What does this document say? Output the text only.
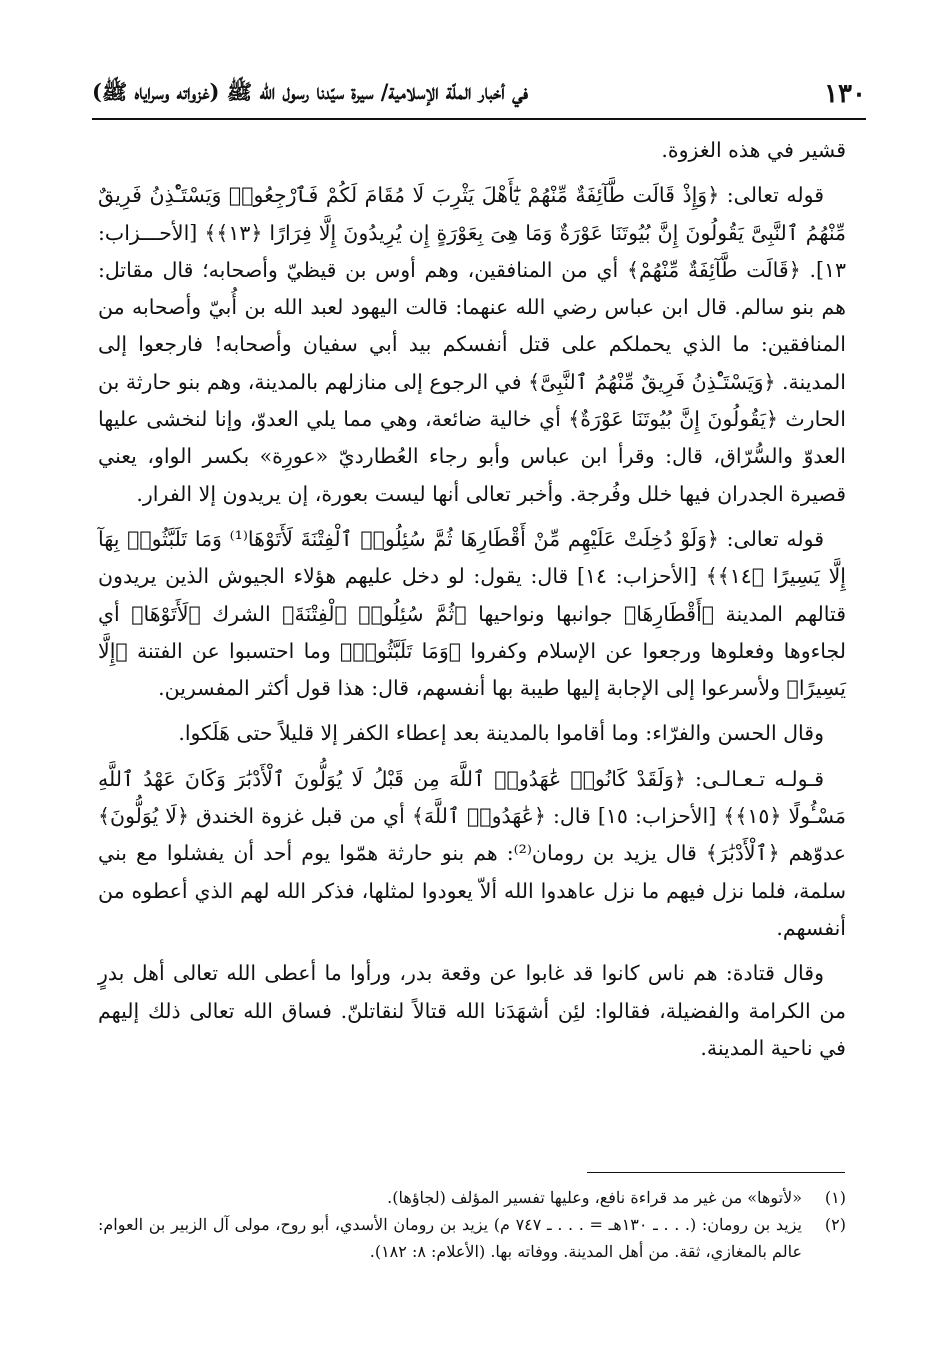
١٣٠
في أخبار الملّة الإسلامية/ سيرة سيّدنا رسول الله ﷺ (غزواته وسراياه ﷺ)

قشير في هذه الغزوة.

قوله تعالى: ﴿وَإِذْ قَالَت طَّآئِفَةٌ مِّنْهُمْ يَٰٓأَهْلَ يَثْرِبَ لَا مُقَامَ لَكُمْ فَٱرْجِعُوا۟ وَيَسْتَـْٔذِنُ فَرِيقٌ مِّنْهُمُ ٱلنَّبِىَّ يَقُولُونَ إِنَّ بُيُوتَنَا عَوْرَةٌ وَمَا هِىَ بِعَوْرَةٍ إِن يُرِيدُونَ إِلَّا فِرَارًا ﴿١٣﴾﴾ [الأحـــزاب: ١٣]. ﴿قَالَت طَّآئِفَةٌ مِّنْهُمْ﴾ أي من المنافقين، وهم أوس بن قيظيّ وأصحابه؛ قال مقاتل: هم بنو سالم. قال ابن عباس رضي الله عنهما: قالت اليهود لعبد الله بن أُبيّ وأصحابه من المنافقين: ما الذي يحملكم على قتل أنفسكم بيد أبي سفيان وأصحابه! فارجعوا إلى المدينة. ﴿وَيَسْتَـْٔذِنُ فَرِيقٌ مِّنْهُمُ ٱلنَّبِىَّ﴾ في الرجوع إلى منازلهم بالمدينة، وهم بنو حارثة بن الحارث ﴿يَقُولُونَ إِنَّ بُيُوتَنَا عَوْرَةٌ﴾ أي خالية ضائعة، وهي مما يلي العدوّ، وإنا لنخشى عليها العدوّ والسُّرّاق، قال: وقرأ ابن عباس وأبو رجاء العُطارديّ «عورِة» بكسر الواو، يعني قصيرة الجدران فيها خلل وفُرجة. وأخبر تعالى أنها ليست بعورة، إن يريدون إلا الفرار.

قوله تعالى: ﴿وَلَوْ دُخِلَتْ عَلَيْهِم مِّنْ أَقْطَارِهَا ثُمَّ سُئِلُوا۟ ٱلْفِتْنَةَ لَأَتَوْهَا⁽¹⁾ وَمَا تَلَبَّثُوا۟ بِهَآ إِلَّا يَسِيرًا ﴿١٤﴾﴾ [الأحزاب: ١٤] قال: يقول: لو دخل عليهم هؤلاء الجيوش الذين يريدون قتالهم المدينة ﴿أَقْطَارِهَا﴾ جوانبها ونواحيها ﴿ثُمَّ سُئِلُوا۟ ٱلْفِتْنَةَ﴾ الشرك ﴿لَأَتَوْهَا﴾ أي لجاءوها وفعلوها ورجعوا عن الإسلام وكفروا ﴿وَمَا تَلَبَّثُوا۟﴾ وما احتسبوا عن الفتنة ﴿إِلَّا يَسِيرًا﴾ ولأسرعوا إلى الإجابة إليها طيبة بها أنفسهم، قال: هذا قول أكثر المفسرين.

وقال الحسن والفرّاء: وما أقاموا بالمدينة بعد إعطاء الكفر إلا قليلاً حتى هَلَكوا.

قـولـه تـعـالـى: ﴿وَلَقَدْ كَانُوا۟ عَٰهَدُوا۟ ٱللَّهَ مِن قَبْلُ لَا يُوَلُّونَ ٱلْأَدْبَٰرَ وَكَانَ عَهْدُ ٱللَّهِ مَسْـُٔولًا ﴿١٥﴾﴾ [الأحزاب: ١٥] قال: ﴿عَٰهَدُوا۟ ٱللَّهَ﴾ أي من قبل غزوة الخندق ﴿لَا يُوَلُّونَ﴾ عدوّهم ﴿ٱلْأَدْبَٰرَ﴾ قال يزيد بن رومان⁽²⁾: هم بنو حارثة همّوا يوم أحد أن يفشلوا مع بني سلمة، فلما نزل فيهم ما نزل عاهدوا الله ألاّ يعودوا لمثلها، فذكر الله لهم الذي أعطوه من أنفسهم.

وقال قتادة: هم ناس كانوا قد غابوا عن وقعة بدر، ورأوا ما أعطى الله تعالى أهل بدرٍ من الكرامة والفضيلة، فقالوا: لئِن أشهَدَنا الله قتالاً لنقاتلنّ. فساق الله تعالى ذلك إليهم في ناحية المدينة.

(١)
«لأتوها» من غير مد قراءة نافع، وعليها تفسير المؤلف (لجاؤها).
(٢)
يزيد بن رومان: (. . . ـ ١٣٠هـ = . . . ـ ٧٤٧ م) يزيد بن رومان الأسدي، أبو روح، مولى آل الزبير بن العوام: عالم بالمغازي، ثقة. من أهل المدينة. ووفاته بها. (الأعلام: ٨: ١٨٢).
